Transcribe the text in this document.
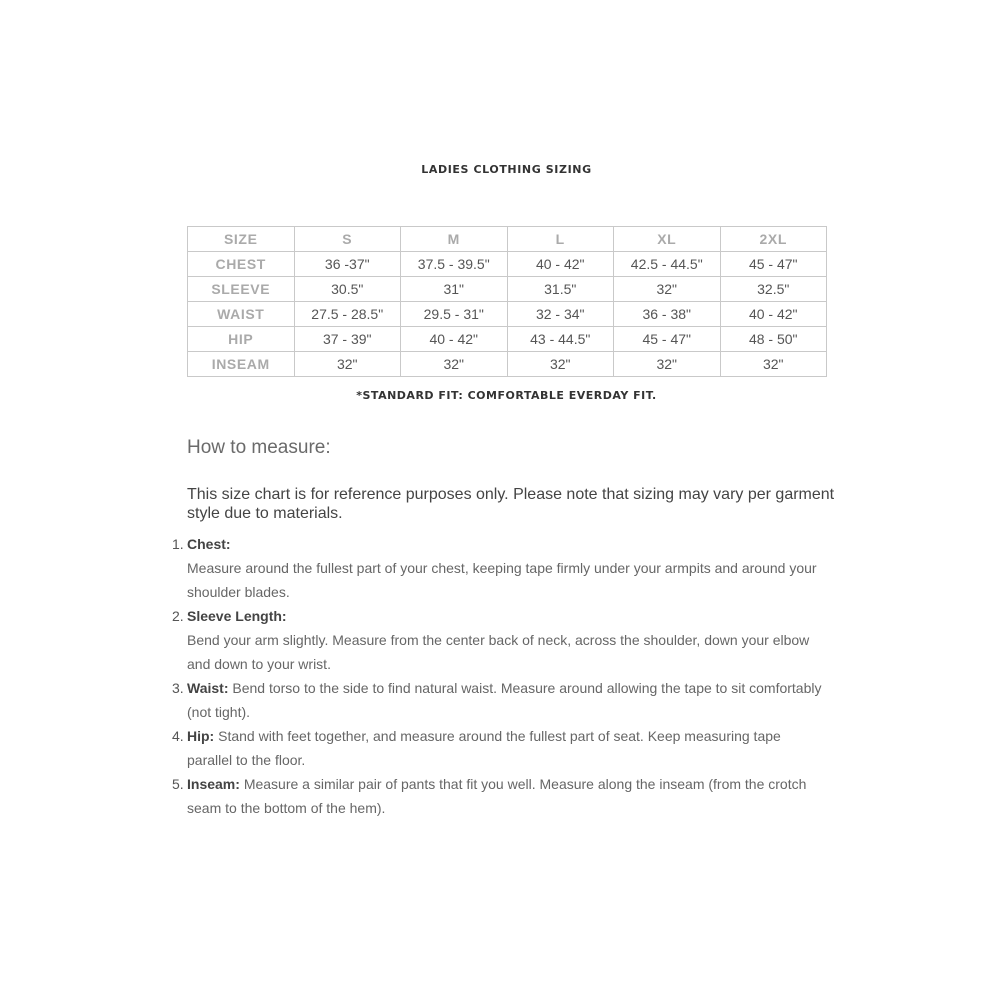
LADIES CLOTHING SIZING
SIZE	S	M	L	XL	2XL
CHEST	36 -37"	37.5 - 39.5"	40 - 42"	42.5 - 44.5"	45 - 47"
SLEEVE	30.5"	31"	31.5"	32"	32.5"
WAIST	27.5 - 28.5"	29.5 - 31"	32 - 34"	36 - 38"	40 - 42"
HIP	37 - 39"	40 - 42"	43 - 44.5"	45 - 47"	48 - 50"
INSEAM	32"	32"	32"	32"	32"
*STANDARD FIT: COMFORTABLE EVERDAY FIT.
How to measure:
This size chart is for reference purposes only. Please note that sizing may vary per garment style due to materials.
1. Chest:
Measure around the fullest part of your chest, keeping tape firmly under your armpits and around your shoulder blades.
2. Sleeve Length:
Bend your arm slightly. Measure from the center back of neck, across the shoulder, down your elbow and down to your wrist.
3. Waist: Bend torso to the side to find natural waist. Measure around allowing the tape to sit comfortably (not tight).
4. Hip: Stand with feet together, and measure around the fullest part of seat. Keep measuring tape parallel to the floor.
5. Inseam: Measure a similar pair of pants that fit you well. Measure along the inseam (from the crotch seam to the bottom of the hem).
